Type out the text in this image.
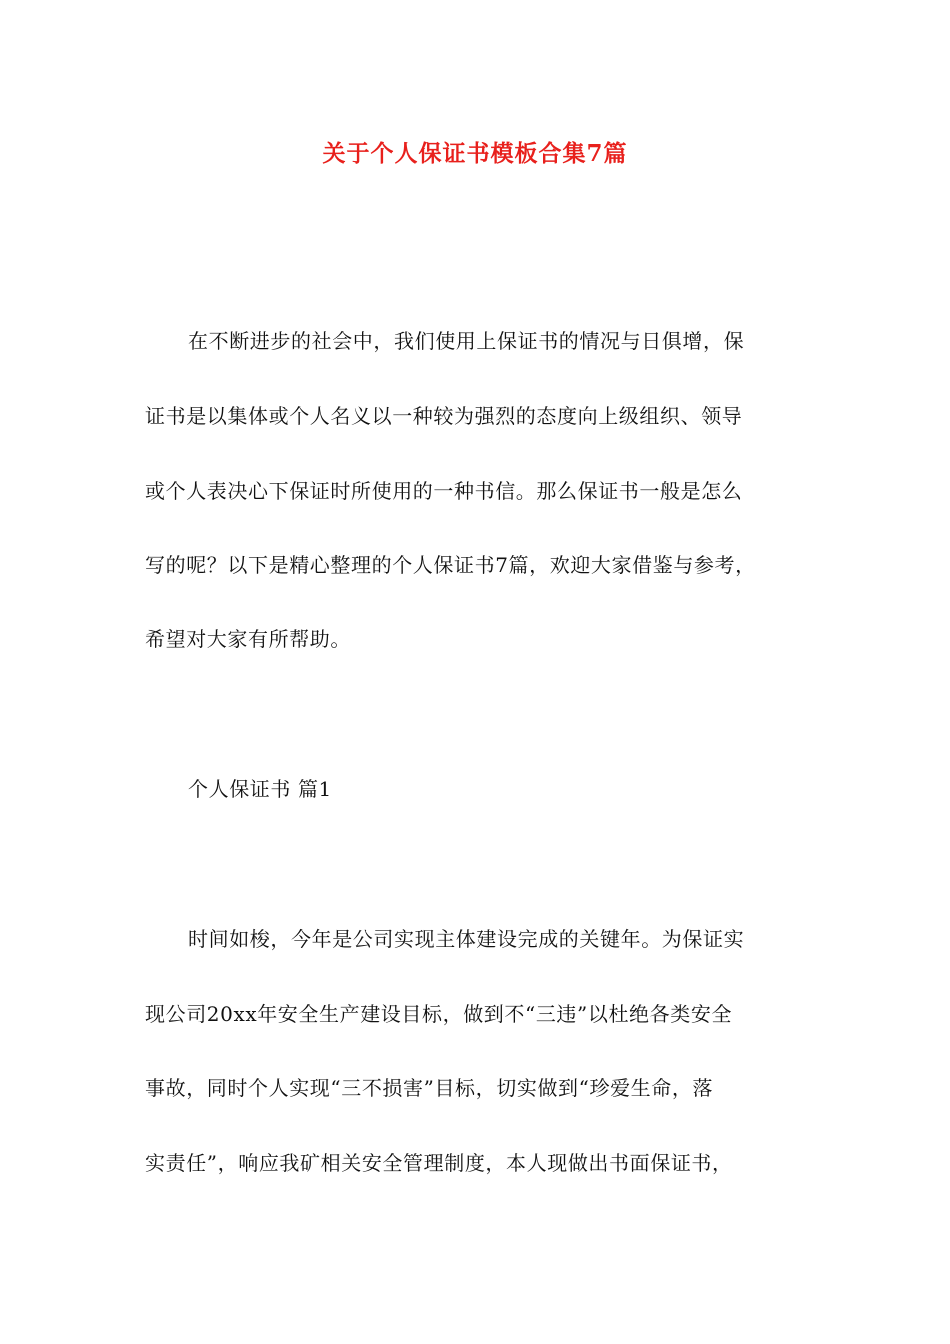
关于个人保证书模板合集7篇
在不断进步的社会中，我们使用上保证书的情况与日俱增，保
证书是以集体或个人名义以一种较为强烈的态度向上级组织、领导
或个人表决心下保证时所使用的一种书信。那么保证书一般是怎么
写的呢？以下是精心整理的个人保证书7篇，欢迎大家借鉴与参考，
希望对大家有所帮助。
个人保证书 篇1
时间如梭，今年是公司实现主体建设完成的关键年。为保证实
现公司20xx年安全生产建设目标，做到不“三违”以杜绝各类安全
事故，同时个人实现“三不损害”目标，切实做到“珍爱生命，落
实责任”，响应我矿相关安全管理制度，本人现做出书面保证书，
